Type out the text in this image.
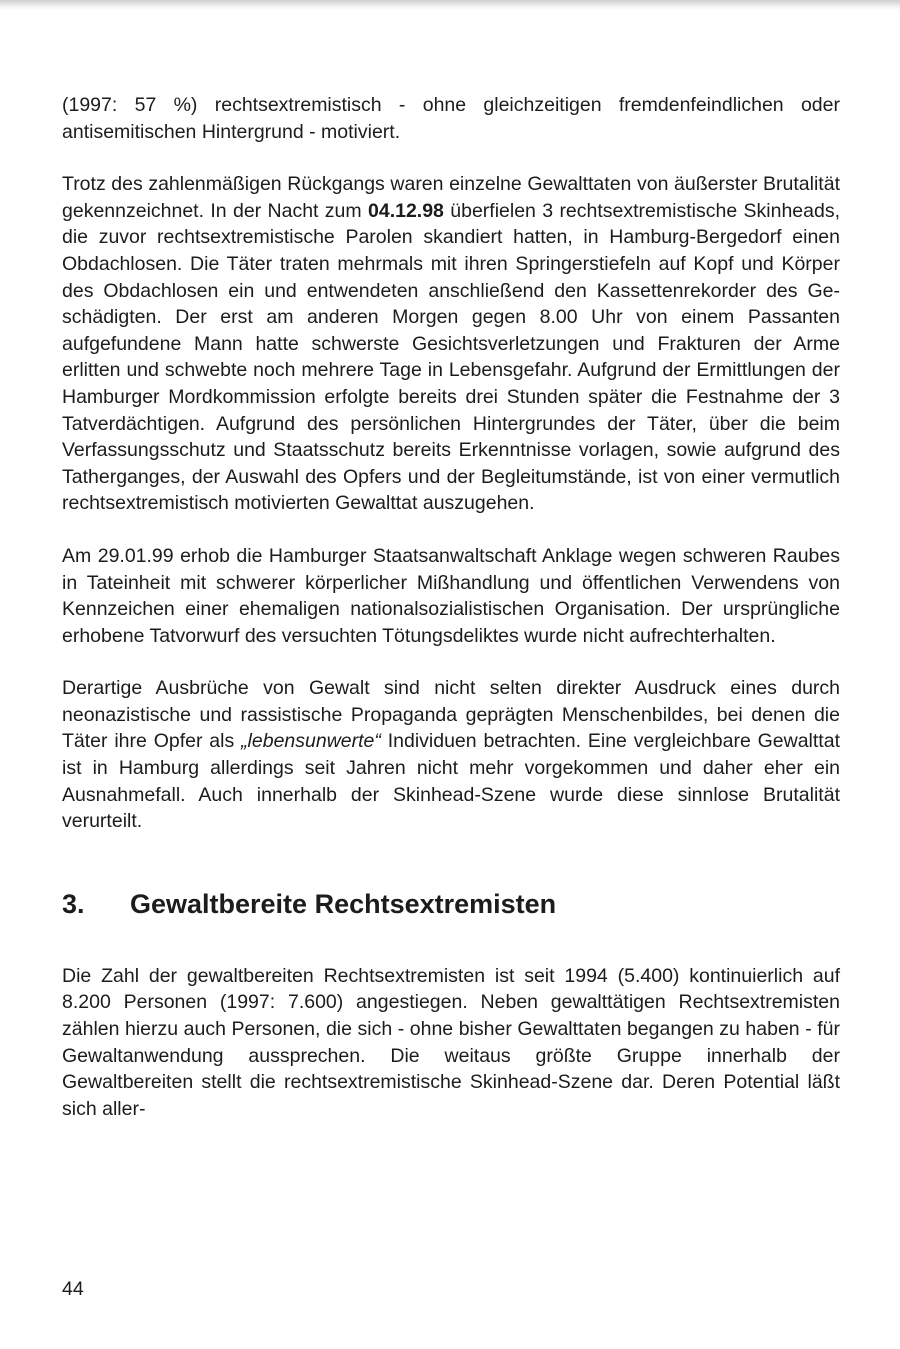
(1997: 57 %) rechtsextremistisch - ohne gleichzeitigen fremdenfeindlichen oder antisemitischen Hintergrund - motiviert.

Trotz des zahlenmäßigen Rückgangs waren einzelne Gewalttaten von äußerster Brutalität gekennzeichnet. In der Nacht zum 04.12.98 überfielen 3 rechtsextremistische Skinheads, die zuvor rechtsextremistische Parolen skandiert hatten, in Hamburg-Bergedorf einen Obdachlosen. Die Täter traten mehrmals mit ihren Springerstiefeln auf Kopf und Körper des Obdachlosen ein und entwendeten anschließend den Kassettenrekorder des Geschädigten. Der erst am anderen Morgen gegen 8.00 Uhr von einem Passanten aufgefundene Mann hatte schwerste Gesichtsverletzungen und Frakturen der Arme erlitten und schwebte noch mehrere Tage in Lebensgefahr. Aufgrund der Ermittlungen der Hamburger Mordkommission erfolgte bereits drei Stunden später die Festnahme der 3 Tatverdächtigen. Aufgrund des persönlichen Hintergrundes der Täter, über die beim Verfassungsschutz und Staatsschutz bereits Erkenntnisse vorlagen, sowie aufgrund des Tatherganges, der Auswahl des Opfers und der Begleitumstände, ist von einer vermutlich rechtsextremistisch motivierten Gewalttat auszugehen.

Am 29.01.99 erhob die Hamburger Staatsanwaltschaft Anklage wegen schweren Raubes in Tateinheit mit schwerer körperlicher Mißhandlung und öffentlichen Verwendens von Kennzeichen einer ehemaligen nationalsozialistischen Organisation. Der ursprüngliche erhobene Tatvorwurf des versuchten Tötungsdeliktes wurde nicht aufrechterhalten.

Derartige Ausbrüche von Gewalt sind nicht selten direkter Ausdruck eines durch neonazistische und rassistische Propaganda geprägten Menschenbildes, bei denen die Täter ihre Opfer als „lebensunwerte“ Individuen betrachten. Eine vergleichbare Gewalttat ist in Hamburg allerdings seit Jahren nicht mehr vorgekommen und daher eher ein Ausnahmefall. Auch innerhalb der Skinhead-Szene wurde diese sinnlose Brutalität verurteilt.

3.	Gewaltbereite Rechtsextremisten

Die Zahl der gewaltbereiten Rechtsextremisten ist seit 1994 (5.400) kontinuierlich auf 8.200 Personen (1997: 7.600) angestiegen. Neben gewalttätigen Rechtsextremisten zählen hierzu auch Personen, die sich - ohne bisher Gewalttaten begangen zu haben - für Gewaltanwendung aussprechen. Die weitaus größte Gruppe innerhalb der Gewaltbereiten stellt die rechtsextremistische Skinhead-Szene dar. Deren Potential läßt sich aller-

44
